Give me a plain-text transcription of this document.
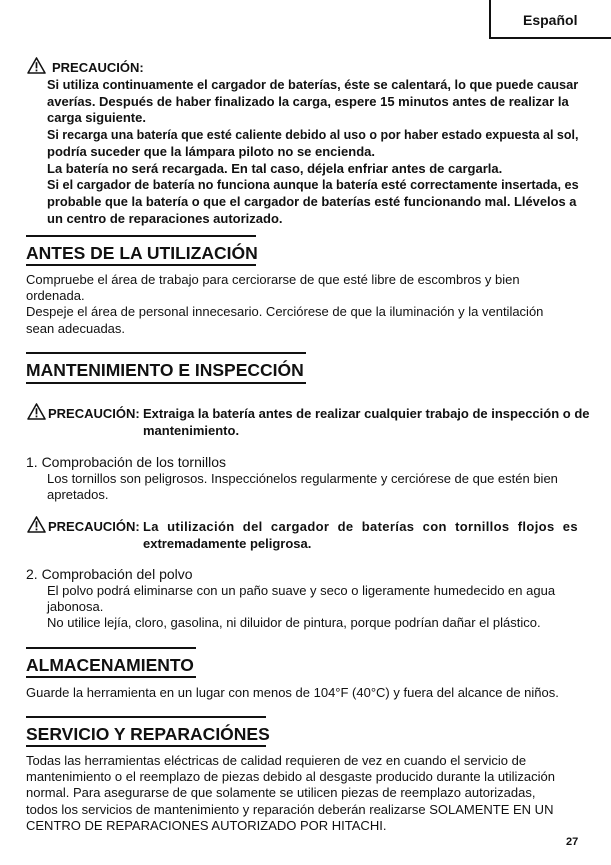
Español
PRECAUCIÓN:
Si utiliza continuamente el cargador de baterías, éste se calentará, lo que puede causar
averías. Después de haber finalizado la carga, espere 15 minutos antes de realizar la
carga siguiente.
Si recarga una batería que esté caliente debido al uso o por haber estado expuesta al sol,
podría suceder que la lámpara piloto no se encienda.
La batería no será recargada. En tal caso, déjela enfriar antes de cargarla.
Si el cargador de batería no funciona aunque la batería esté correctamente insertada, es
probable que la batería o que el cargador de baterías esté funcionando mal. Llévelos a
un centro de reparaciones autorizado.
ANTES DE LA UTILIZACIÓN
Compruebe el área de trabajo para cerciorarse de que esté libre de escombros y bien
ordenada.
Despeje el área de personal innecesario. Cerciórese de que la iluminación y la ventilación
sean adecuadas.
MANTENIMIENTO E INSPECCIÓN
PRECAUCIÓN: Extraiga la batería antes de realizar cualquier trabajo de inspección o de
mantenimiento.
1. Comprobación de los tornillos
Los tornillos son peligrosos. Inspecciónelos regularmente y cerciórese de que estén bien
apretados.
PRECAUCIÓN: La utilización del cargador de baterías con tornillos flojos es
extremadamente peligrosa.
2. Comprobación del polvo
El polvo podrá eliminarse con un paño suave y seco o ligeramente humedecido en agua
jabonosa.
No utilice lejía, cloro, gasolina, ni diluidor de pintura, porque podrían dañar el plástico.
ALMACENAMIENTO
Guarde la herramienta en un lugar con menos de 104°F (40°C) y fuera del alcance de niños.
SERVICIO Y REPARACIÓNES
Todas las herramientas eléctricas de calidad requieren de vez en cuando el servicio de
mantenimiento o el reemplazo de piezas debido al desgaste producido durante la utilización
normal. Para asegurarse de que solamente se utilicen piezas de reemplazo autorizadas,
todos los servicios de mantenimiento y reparación deberán realizarse SOLAMENTE EN UN
CENTRO DE REPARACIONES AUTORIZADO POR HITACHI.
27
